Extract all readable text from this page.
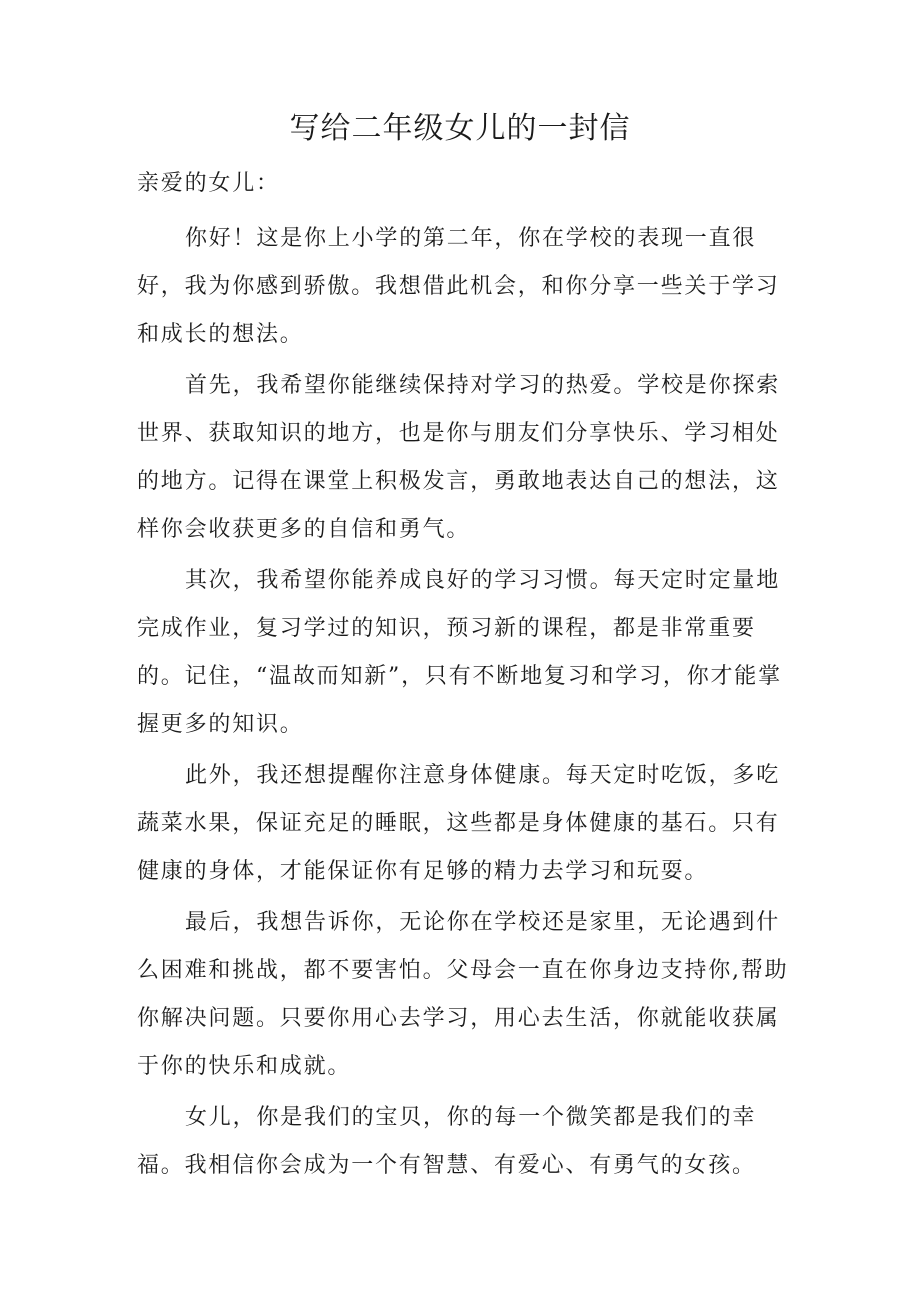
写给二年级女儿的一封信

亲爱的女儿：

你好！这是你上小学的第二年，你在学校的表现一直很好，我为你感到骄傲。我想借此机会，和你分享一些关于学习和成长的想法。

首先，我希望你能继续保持对学习的热爱。学校是你探索世界、获取知识的地方，也是你与朋友们分享快乐、学习相处的地方。记得在课堂上积极发言，勇敢地表达自己的想法，这样你会收获更多的自信和勇气。

其次，我希望你能养成良好的学习习惯。每天定时定量地完成作业，复习学过的知识，预习新的课程，都是非常重要的。记住，“温故而知新”，只有不断地复习和学习，你才能掌握更多的知识。

此外，我还想提醒你注意身体健康。每天定时吃饭，多吃蔬菜水果，保证充足的睡眠，这些都是身体健康的基石。只有健康的身体，才能保证你有足够的精力去学习和玩耍。

最后，我想告诉你，无论你在学校还是家里，无论遇到什么困难和挑战，都不要害怕。父母会一直在你身边支持你,帮助你解决问题。只要你用心去学习，用心去生活，你就能收获属于你的快乐和成就。

女儿，你是我们的宝贝，你的每一个微笑都是我们的幸福。我相信你会成为一个有智慧、有爱心、有勇气的女孩。
